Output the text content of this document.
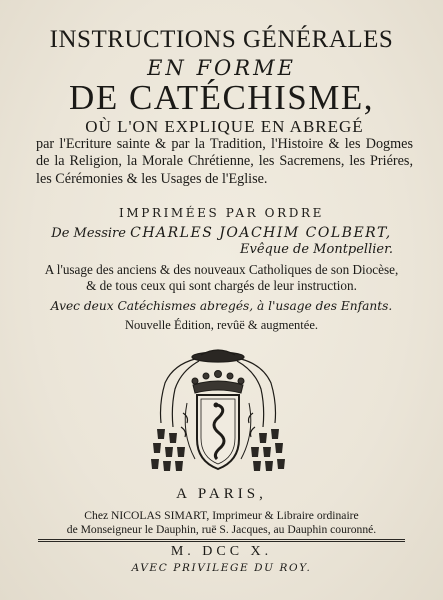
INSTRUCTIONS GÉNÉRALES
EN FORME
DE CATÉCHISME,
OÙ L'ON EXPLIQUE EN ABREGÉ
par l'Ecriture sainte & par la Tradition, l'Histoire & les Dogmes de la Religion, la Morale Chrétienne, les Sacremens, les Priéres, les Cérémonies & les Usages de l'Eglise.
IMPRIMÉES PAR ORDRE
De Messire CHARLES JOACHIM COLBERT,
Evêque de Montpellier.
A l'usage des anciens & des nouveaux Catholiques de son Diocèse,
& de tous ceux qui sont chargés de leur instruction.
Avec deux Catéchismes abregés, à l'usage des Enfants.
Nouvelle Édition, revûë & augmentée.
A PARIS,
Chez NICOLAS SIMART, Imprimeur & Libraire ordinaire
de Monseigneur le Dauphin, ruë S. Jacques, au Dauphin couronné.
M. DCC X.
AVEC PRIVILEGE DU ROY.
